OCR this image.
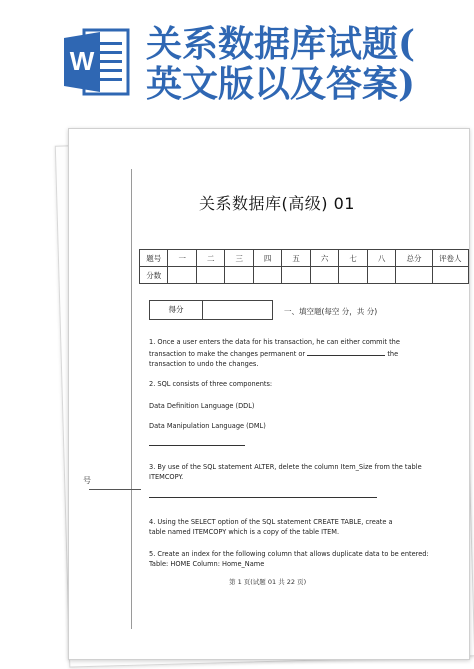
W 关系数据库试题(
英文版以及答案)
号
关系数据库(高级) 01
题号	一	二	三	四	五	六	七	八	总分	评卷人
分数										
得分	一、填空题(每空 分，共 分)
1. Once a user enters the data for his transaction, he can either commit the
transaction to make the changes permanent or	the
transaction to undo the changes.
2. SQL consists of three components:
Data Definition Language (DDL)
Data Manipulation Language (DML)
3. By use of the SQL statement ALTER, delete the column Item_Size from the table
ITEMCOPY.
4. Using the SELECT option of the SQL statement CREATE TABLE, create a
table named ITEMCOPY which is a copy of the table ITEM.
5. Create an index for the following column that allows duplicate data to be entered:
Table: HOME Column: Home_Name
第 1 页(试题 01 共 22 页)
